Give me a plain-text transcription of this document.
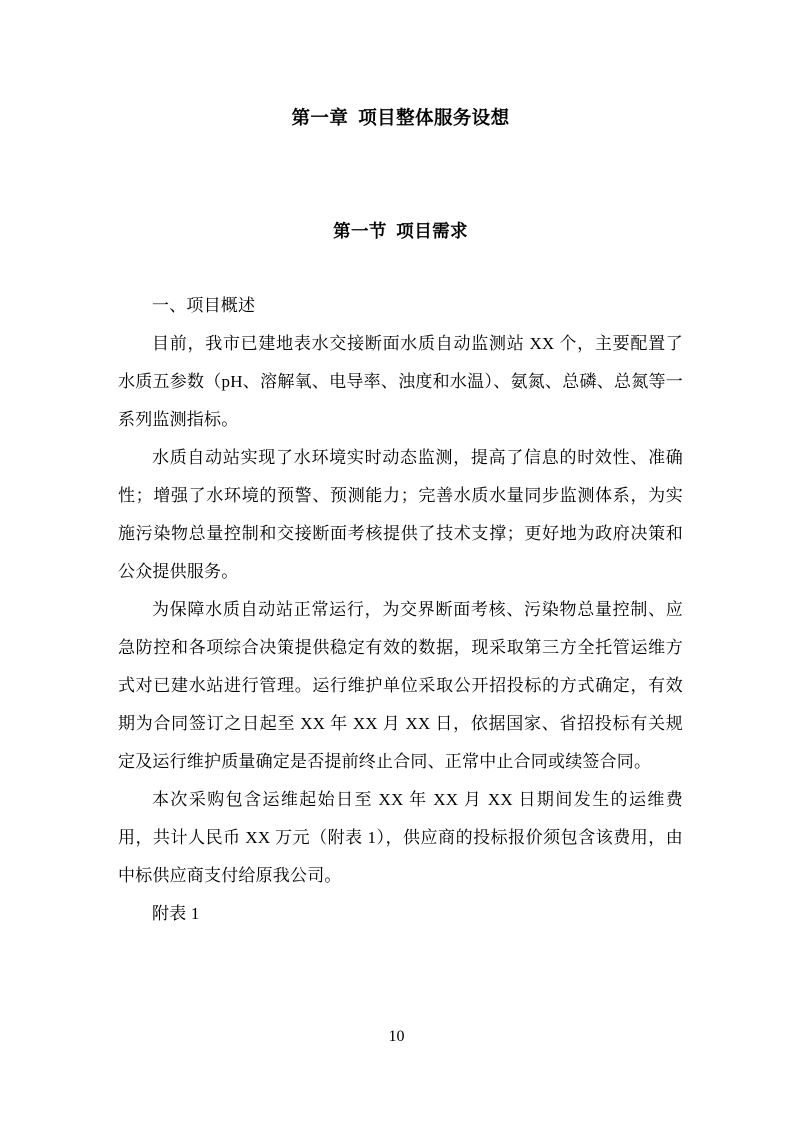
第一章  项目整体服务设想
第一节  项目需求
一、项目概述

目前，我市已建地表水交接断面水质自动监测站 XX 个，主要配置了水质五参数（pH、溶解氧、电导率、浊度和水温）、氨氮、总磷、总氮等一系列监测指标。

水质自动站实现了水环境实时动态监测，提高了信息的时效性、准确性；增强了水环境的预警、预测能力；完善水质水量同步监测体系，为实施污染物总量控制和交接断面考核提供了技术支撑；更好地为政府决策和公众提供服务。

为保障水质自动站正常运行，为交界断面考核、污染物总量控制、应急防控和各项综合决策提供稳定有效的数据，现采取第三方全托管运维方式对已建水站进行管理。运行维护单位采取公开招投标的方式确定，有效期为合同签订之日起至 XX 年 XX 月 XX 日，依据国家、省招投标有关规定及运行维护质量确定是否提前终止合同、正常中止合同或续签合同。

本次采购包含运维起始日至 XX 年 XX 月 XX 日期间发生的运维费用，共计人民币 XX 万元（附表 1），供应商的投标报价须包含该费用，由中标供应商支付给原我公司。

附表 1
10
